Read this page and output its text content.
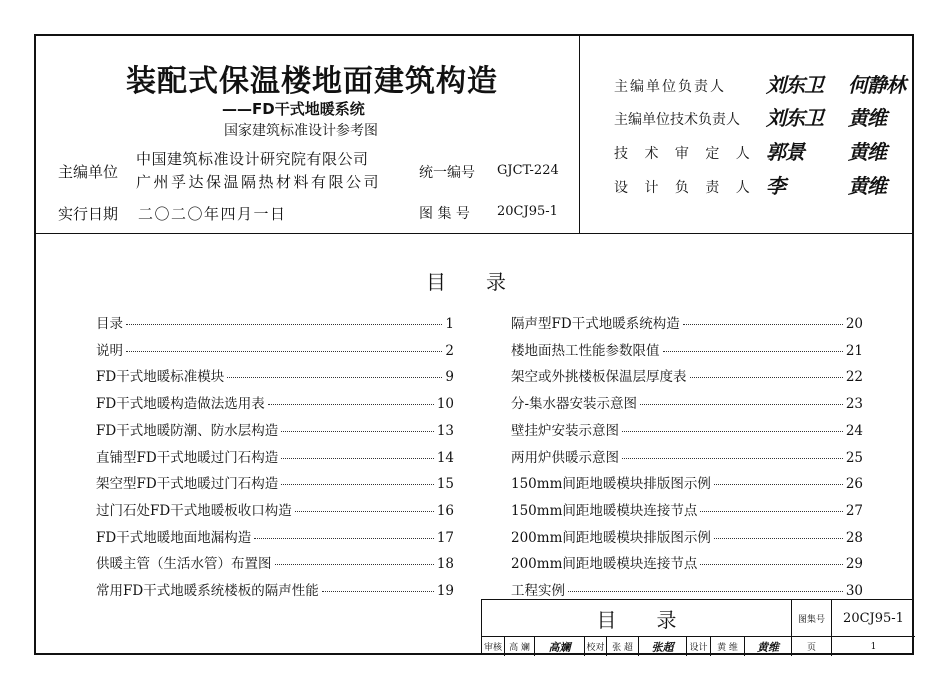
装配式保温楼地面建筑构造
——FD干式地暖系统
国家建筑标准设计参考图
主编单位
中国建筑标准设计研究院有限公司
广州孚达保温隔热材料有限公司	统一编号 GJCT-224
实行日期 二〇二〇年四月一日	图 集 号 20CJ95-1
主编单位负责人 刘东卫 何静林
主编单位技术负责人 刘东卫 黄维
技 术 审 定 人 郭景 黄维
设 计 负 责 人 李	黄维
目　　录
目录	1
说明	2
FD干式地暖标准模块	9
FD干式地暖构造做法选用表	10
FD干式地暖防潮、防水层构造	13
直铺型FD干式地暖过门石构造	14
架空型FD干式地暖过门石构造	15
过门石处FD干式地暖板收口构造	16
FD干式地暖地面地漏构造	17
供暖主管（生活水管）布置图	18
常用FD干式地暖系统楼板的隔声性能	19
隔声型FD干式地暖系统构造	20
楼地面热工性能参数限值	21
架空或外挑楼板保温层厚度表	22
分-集水器安装示意图	23
壁挂炉安装示意图	24
两用炉供暖示意图	25
150mm间距地暖模块排版图示例	26
150mm间距地暖模块连接节点	27
200mm间距地暖模块排版图示例	28
200mm间距地暖模块连接节点	29
工程实例	30
目　　录	图集号	20CJ95-1
审核 高 斓	高斓	校对 张 超	张超	设计	黄 维	黄维	页	1
